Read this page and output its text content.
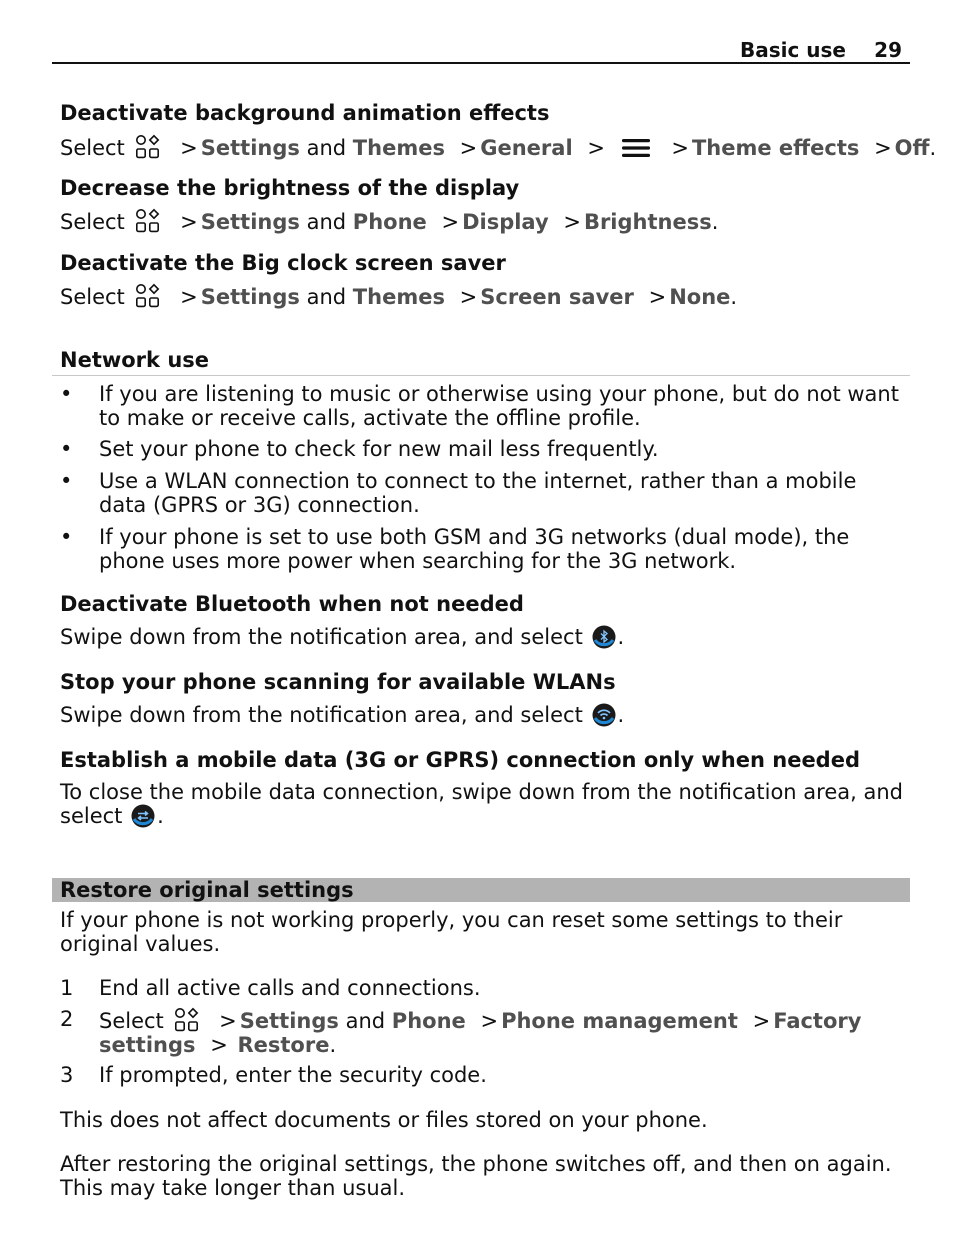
Basic use 29
Deactivate background animation effects
Select	> Settings and Themes > General >	> Theme effects > Off.
Decrease the brightness of the display
Select	> Settings and Phone > Display > Brightness.
Deactivate the Big clock screen saver
Select	> Settings and Themes > Screen saver > None.
Network use
• If you are listening to music or otherwise using your phone, but do not want to make or receive calls, activate the offline profile.
• Set your phone to check for new mail less frequently.
• Use a WLAN connection to connect to the internet, rather than a mobile data (GPRS or 3G) connection.
• If your phone is set to use both GSM and 3G networks (dual mode), the phone uses more power when searching for the 3G network.
Deactivate Bluetooth when not needed
Swipe down from the notification area, and select .
Stop your phone scanning for available WLANs
Swipe down from the notification area, and select .
Establish a mobile data (3G or GPRS) connection only when needed
To close the mobile data connection, swipe down from the notification area, and
select .
Restore original settings
If your phone is not working properly, you can reset some settings to their original values.
1 End all active calls and connections.
2 Select	> Settings and Phone > Phone management > Factory settings > Restore.
3 If prompted, enter the security code.
This does not affect documents or files stored on your phone.
After restoring the original settings, the phone switches off, and then on again. This may take longer than usual.
